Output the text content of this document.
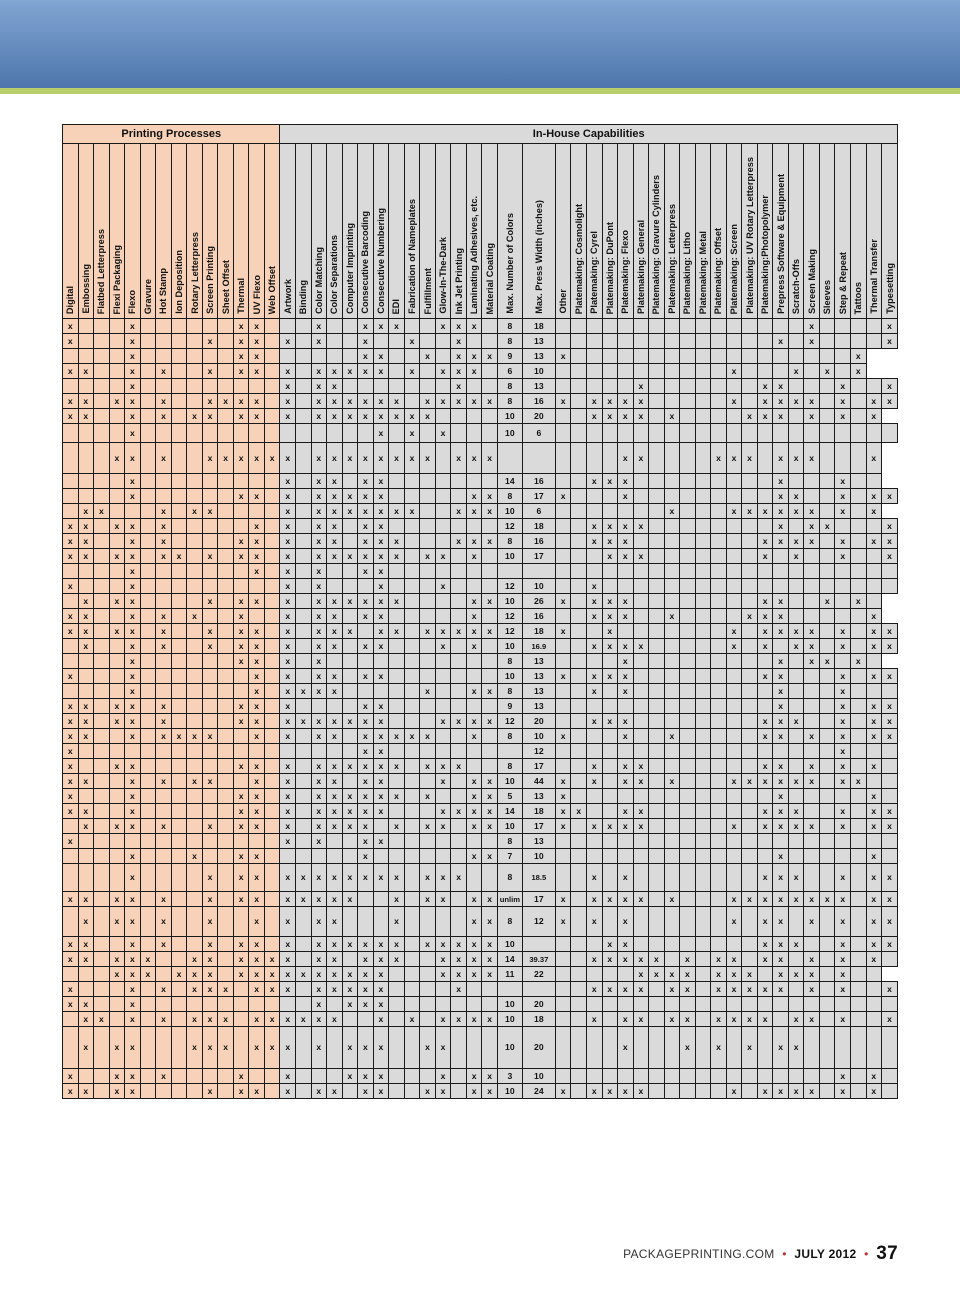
Printing Processes														In-House Capabilities																																					

Digital	Embossing	Flatbed Letterpress	Flexi Packaging	Flexo	Gravure	Hot Stamp	Ion Deposition	Rotary Letterpress	Screen Printing	Sheet Offset	Thermal	UV Flexo	Web Offset	Artwork	Binding	Color Matching	Color Separations	Computer Imprinting	Consecutive Barcoding	Consecutive Numbering	EDI	Fabrication of Nameplates	Fulfillment	Glow-In-The-Dark	Ink Jet Printing	Laminating Adhesives, etc.	Material Coating	Max. Number of Colors	Max. Press Width (inches)	Other	Platemaking: Cosmolight	Platemaking: Cyrel	Platemaking: DuPont	Platemaking: Flexo	Platemaking: General	Platemaking: Gravure Cylinders	Platemaking: Letterpress	Platemaking: Litho	Platemaking: Metal	Platemaking: Offset	Platemaking: Screen	Platemaking: UV Rotary Letterpress	Platemaking:Photopolymer	Prepress Software & Equipment	Scratch-Offs	Screen Making	Sleeves	Step & Repeat	Tattoos	Thermal Transfer	Typesetting

x				x							x	x				x			x	x	x			x	x	x		8	18																	x					x
x				x					x		x	x		x		x			x			x			x			8	13															x		x					x
				x							x	x							x	x			x		x	x	x	9	13	x																			x		
x	x			x		x			x		x	x		x		x	x	x	x	x		x		x	x	x		6	10												x				x		x		x		
				x										x		x	x								x			8	13						x								x	x				x			x
x	x		x	x		x			x	x	x	x		x		x	x	x	x	x	x		x	x	x	x	x	8	16	x		x	x	x	x						x		x	x	x	x		x		x	x
x	x			x		x		x	x		x	x		x		x	x	x	x	x	x	x	x					10	20			x	x	x	x		x					x	x	x		x		x		x	
				x																x		x		x				10	6																						
			x	x		x			x	x	x	x	x	x		x	x	x	x	x	x	x	x		x	x	x							x	x					x	x	x		x	x	x				x	
				x										x		x	x		x	x								14	16			x	x	x										x				x			
				x							x	x		x		x	x	x	x	x						x	x	8	17	x				x										x	x			x		x	x
	x	x				x		x	x					x		x	x	x	x	x	x	x			x	x	x	10	6								x				x	x	x	x	x	x		x		x	
x	x		x	x		x						x		x		x	x		x	x								12	18			x	x	x	x									x		x	x				x
x	x			x		x					x	x		x		x	x		x	x	x				x	x	x	8	16			x	x	x									x	x	x	x		x		x	x
x	x		x	x		x	x		x		x	x		x		x	x	x	x	x	x		x	x		x		10	17				x	x	x								x		x			x			x
				x								x		x		x			x	x																															
x				x										x		x				x				x				12	10			x																			
	x		x	x					x		x	x		x		x	x	x	x	x	x					x	x	10	26	x		x	x	x									x	x			x		x		
x	x			x		x		x			x			x		x	x		x	x						x		12	16			x	x	x			x					x	x	x						x	
x	x		x	x		x			x		x	x		x		x	x	x		x	x		x	x	x	x	x	12	18	x			x								x		x	x	x	x		x		x	x
	x			x		x			x		x	x		x		x	x		x	x				x		x		10	16.9			x	x	x	x						x		x		x	x		x		x	x
				x							x	x		x		x												8	13					x										x		x	x		x		
x				x								x		x		x	x		x	x								10	13	x		x	x	x									x	x				x		x	x
				x								x		x	x	x	x						x			x	x	8	13			x		x										x				x			
x	x		x	x		x					x	x		x					x	x								9	13															x				x		x	x
x	x		x	x		x					x	x		x	x	x	x	x	x	x				x	x	x	x	12	20			x	x	x									x	x	x			x		x	x
x	x			x		x	x	x	x			x		x		x	x		x	x	x	x	x			x		8	10	x				x			x						x	x		x		x		x	x
x																			x	x									12																			x			
x			x	x							x	x		x		x	x	x	x	x	x		x	x	x			8	17			x		x	x								x	x		x		x		x	
x	x			x		x		x	x			x		x		x	x		x	x				x		x	x	10	44	x		x		x	x		x				x	x	x	x	x	x		x	x		
x				x							x	x		x		x	x	x	x	x	x		x			x	x	5	13	x														x						x	
x	x			x							x	x		x		x	x	x	x	x				x	x	x	x	14	18	x	x			x	x								x	x	x			x		x	x
	x		x	x		x			x		x	x		x		x	x	x	x		x		x	x		x	x	10	17	x		x	x	x	x						x		x	x	x	x		x		x	x
x														x		x			x	x								8	13																						
				x				x			x	x							x							x	x	7	10															x						x	
				x					x		x	x		x	x	x	x	x	x	x	x		x	x	x			8	18.5			x		x									x	x	x			x		x	x
x	x		x	x		x			x		x	x		x	x	x	x	x			x		x	x		x	x	unlim	17	x		x	x	x	x		x				x	x	x	x	x	x	x	x		x	x
	x		x	x		x			x			x		x		x	x				x					x	x	8	12	x		x		x							x		x	x		x		x		x	x
x	x			x		x			x		x	x		x		x	x	x	x	x	x		x	x	x	x	x	10					x	x									x	x	x			x		x	x
x	x		x	x	x			x	x		x	x	x	x		x	x		x	x	x			x	x	x	x	14	39.37			x	x	x	x	x		x		x	x		x	x		x		x		x	
			x	x	x		x	x	x		x	x	x	x	x	x	x	x	x	x				x	x	x	x	11	22						x	x	x	x		x	x	x		x	x	x		x			
x				x		x		x	x	x		x	x	x		x	x	x	x	x					x							x	x	x	x		x	x		x	x	x	x	x		x		x			x
x	x			x												x		x	x	x								10	20																						
	x	x		x		x		x	x	x		x	x	x	x	x	x			x		x		x	x	x	x	10	18			x		x	x		x	x		x	x	x	x		x	x		x			x
	x		x	x				x	x	x		x	x	x		x		x	x	x			x	x				10	20					x				x		x		x		x	x						
x			x	x		x					x			x				x	x	x				x		x	x	3	10																			x		x	
x	x		x	x					x		x	x		x		x	x		x	x			x	x		x	x	10	24	x		x	x	x	x						x		x	x	x	x		x		x	
PACKAGEPRINTING.COM • JULY 2012 • 37
